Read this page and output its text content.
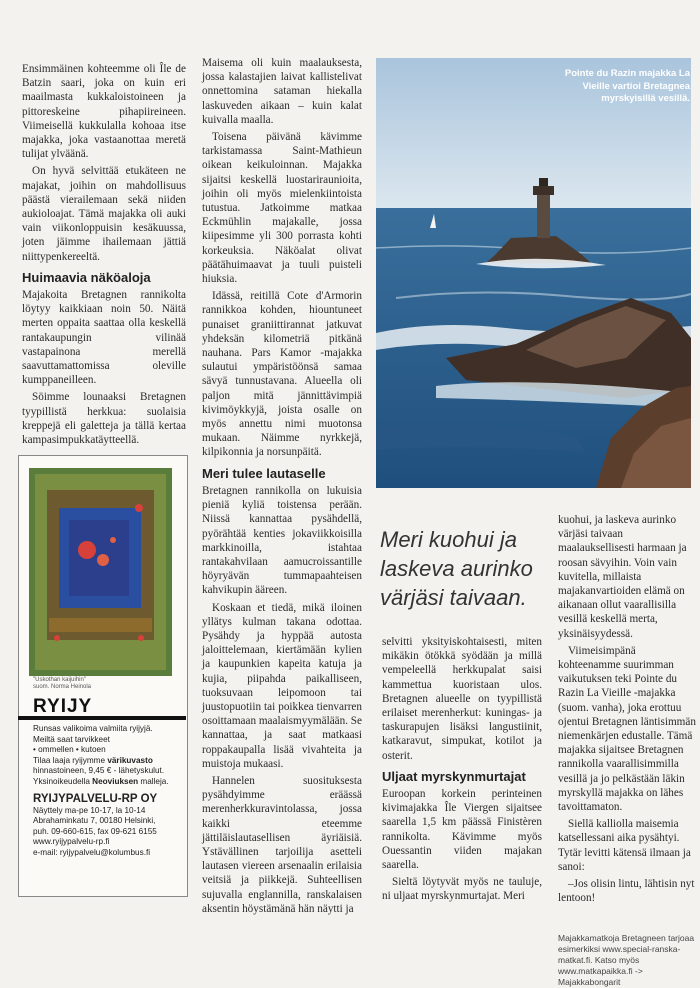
Ensimmäinen kohteemme oli Île de Batzin saari, joka on kuin eri maailmasta kukkaloistoineen ja pittoreskeine pihapiireineen. Viimeisellä kukkulalla kohoaa itse majakka, joka vastaanottaa meretä tulijat ylväänä.

On hyvä selvittää etukäteen ne majakat, joihin on mahdollisuus päästä vierailemaan sekä niiden aukioloajat. Tämä majakka oli auki vain viikonloppuisin kesäkuussa, joten jäimme ihailemaan jättiä niittypenkereeltä.

Huimaavia näköaloja

Majakoita Bretagnen rannikolta löytyy kaikkiaan noin 50. Näitä merten oppaita saattaa olla keskellä rantakaupungin vilinää vastapainona merellä saavuttamattomissa oleville kumppaneilleen.

Söimme lounaaksi Bretagnen tyypillistä herkkua: suolaisia kreppejä eli galetteja ja tällä kertaa kampasimpukkatäytteellä.

Maisema oli kuin maalauksesta, jossa kalastajien laivat kallistelivat onnettomina sataman hiekalla laskuveden aikaan – kuin kalat kuivalla maalla.

Toisena päivänä kävimme tarkistamassa Saint-Mathieun oikean keikuloinnan. Majakka sijaitsi keskellä luostariraunioita, joihin oli myös mielenkiintoista tutustua. Jatkoimme matkaa Eckmühlin majakalle, jossa kiipesimme yli 300 porrasta kohti korkeuksia. Näköalat olivat päätähuimaavat ja tuuli puisteli hiuksia.

Idässä, reitillä Cote d'Armorin rannikkoa kohden, hiountuneet punaiset graniittirannat jatkuvat yhdeksän kilometriä pitkänä nauhana. Pars Kamor -majakka sulautui ympäristöönsä samaa sävyä tunnustavana. Alueella oli paljon mitä jännittävimpiä kivimöykkyjä, joista osalle on myös annettu nimi muotonsa mukaan. Näimme nyrkkejä, kilpikonnia ja norsunpäitä.

Meri tulee lautaselle

Bretagnen rannikolla on lukuisia pieniä kyliä toistensa perään. Niissä kannattaa pysähdellä, pyörähtää kenties jokaviikkoisilla markkinoilla, istahtaa rantakahvilaan aamucroissantille höyryävän tummapaahteisen kahvikupin ääreen.

Koskaan et tiedä, mikä iloinen yllätys kulman takana odottaa. Pysähdy ja hyppää autosta jaloittelemaan, kiertämään kylien ja kaupunkien kapeita katuja ja kujia, piipahda paikalliseen, tuoksuvaan leipomoon tai juustopuotiin tai poikkea tienvarren osoittamaan maalaismyymälään. Se kannattaa, ja saat matkaasi roppakaupalla lisää vivahteita ja muistoja mukaasi.

Hannelen suosituksesta pysähdyimme eräässä merenherkkuravintolassa, jossa kaikki eteemme jättiläislautasellisen äyriäisiä. Ystävällinen tarjoilija asetteli lautasen viereen arsenaalin erilaisia veitsiä ja piikkejä. Suhteellisen sujuvalla englannilla, ranskalaisen aksentin höystämänä hän näytti ja

Pointe du Razin majakka La Vieille vartioi Bretagnea myrskyisillä vesillä.
Meri kuohui ja laskeva aurinko värjäsi taivaan.

selvitti yksityiskohtaisesti, miten mikäkin ötökkä syödään ja millä vempeleellä herkkupalat saisi kammettua kuoristaan ulos. Bretagnen alueelle on tyypillistä erilaiset merenherkut: kuningas- ja taskurapujen lisäksi langustiinit, katkaravut, simpukat, kotilot ja osterit.

Uljaat myrskynmurtajat

Euroopan korkein perinteinen kivimajakka Île Viergen sijaitsee saarella 1,5 km päässä Finistèren rannikolta. Kävimme myös Ouessantin viiden majakan saarella.

Sieltä löytyvät myös ne tauluje, ni uljaat myrskynmurtajat. Meri

kuohui, ja laskeva aurinko värjäsi taivaan maalauksellisesti harmaan ja roosan sävyihin. Voin vain kuvitella, millaista majakanvartioiden elämä on aikanaan ollut vaarallisilla vesillä keskellä merta, yksinäisyydessä.

Viimeisimpänä kohteenamme suurimman vaikutuksen teki Pointe du Razin La Vieille -majakka (suom. vanha), joka erottuu ojentui Bretagnen läntisimmän niemenkärjen edustalle. Tämä majakka sijaitsee Bretagnen rannikolla vaarallisimmilla vesillä ja jo pelkästään läkin myrskyllä majakka on lähes tavoittamaton.

Siellä kalliolla maisemia katsellessani aika pysähtyi. Tytär levitti kätensä ilmaan ja sanoi:

–Jos olisin lintu, lähtisin nyt lentoon!

Majakkamatkoja Bretagneen tarjoaa esimerkiksi www.special-ranska-matkat.fi. Katso myös www.matkapaikka.fi -> Majakkabongarit

"Uskothan kaijuihin"
suom. Norma Heinola
RYIJY
Runsas valikoima valmiita ryijyjä.
Meiltä saat tarvikkeet
• ommellen • kutoen
Tilaa laaja ryijymme värikuvasto
hinnastoineen, 9,45 € - lähetyskulut.
Yksinoikeudella Neoviuksen malleja.
RYIJYPALVELU-RP OY
Näyttely ma-pe 10-17, la 10-14
Abrahaminkatu 7, 00180 Helsinki,
puh. 09-660-615, fax 09-621 6155
www.ryijypalvelu-rp.fi
e-mail: ryijypalvelu@kolumbus.fi
